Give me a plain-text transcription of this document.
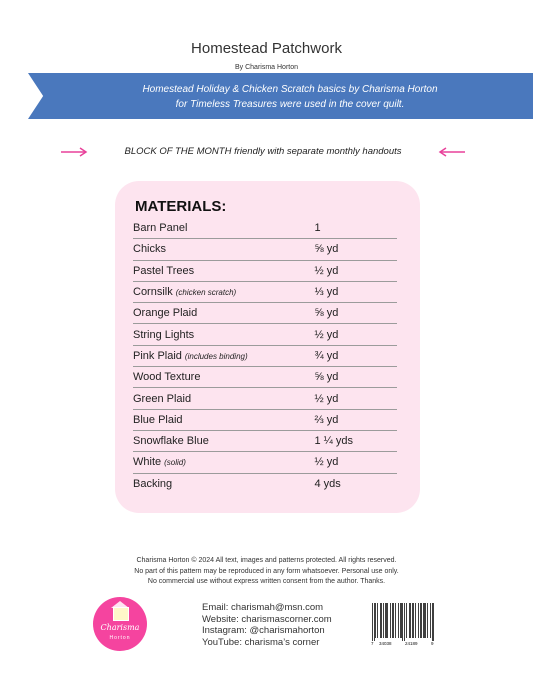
Homestead Patchwork
By Charisma Horton
Homestead Holiday & Chicken Scratch basics by Charisma Horton
for Timeless Treasures were used in the cover quilt.
BLOCK OF THE MONTH friendly with separate monthly handouts
MATERIALS:
Barn Panel	1
Chicks	⅝ yd
Pastel Trees	½ yd
Cornsilk (chicken scratch)	⅓ yd
Orange Plaid	⅝ yd
String Lights	½ yd
Pink Plaid (includes binding)	¾ yd
Wood Texture	⅝ yd
Green Plaid	½ yd
Blue Plaid	⅔ yd
Snowflake Blue	1 ¼ yds
White (solid)	½ yd
Backing	4 yds
Charisma Horton © 2024 All text, images and patterns protected. All rights reserved.
No part of this pattern may be reproduced in any form whatsoever. Personal use only.
No commercial use without express written consent from the author. Thanks.
Charisma
Horton
Email: charismah@msn.com
Website: charismascorner.com
Instagram: @charismahorton
YouTube: charisma’s corner	7 34038	24189	9
